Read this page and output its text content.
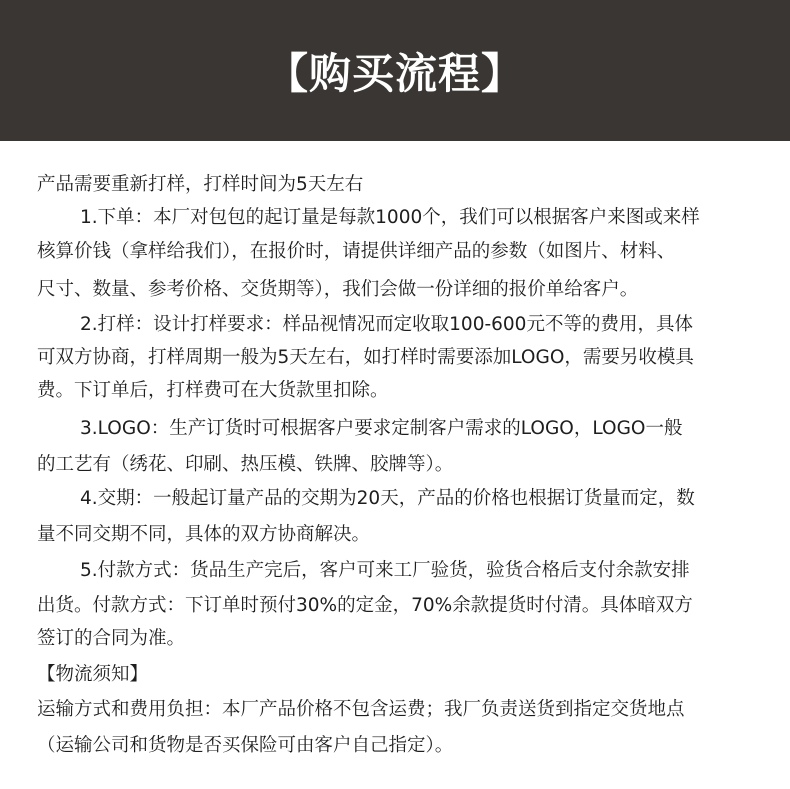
【购买流程】
产品需要重新打样，打样时间为5天左右
1.下单：本厂对包包的起订量是每款1000个，我们可以根据客户来图或来样
核算价钱（拿样给我们），在报价时，请提供详细产品的参数（如图片、材料、
尺寸、数量、参考价格、交货期等），我们会做一份详细的报价单给客户。
2.打样：设计打样要求：样品视情况而定收取100-600元不等的费用，具体
可双方协商，打样周期一般为5天左右，如打样时需要添加LOGO，需要另收模具
费。下订单后，打样费可在大货款里扣除。
3.LOGO：生产订货时可根据客户要求定制客户需求的LOGO，LOGO一般
的工艺有（绣花、印刷、热压模、铁牌、胶牌等）。
4.交期：一般起订量产品的交期为20天，产品的价格也根据订货量而定，数
量不同交期不同，具体的双方协商解决。
5.付款方式：货品生产完后，客户可来工厂验货，验货合格后支付余款安排
出货。付款方式：下订单时预付30%的定金，70%余款提货时付清。具体暗双方
签订的合同为准。
【物流须知】
运输方式和费用负担：本厂产品价格不包含运费；我厂负责送货到指定交货地点
（运输公司和货物是否买保险可由客户自己指定）。
